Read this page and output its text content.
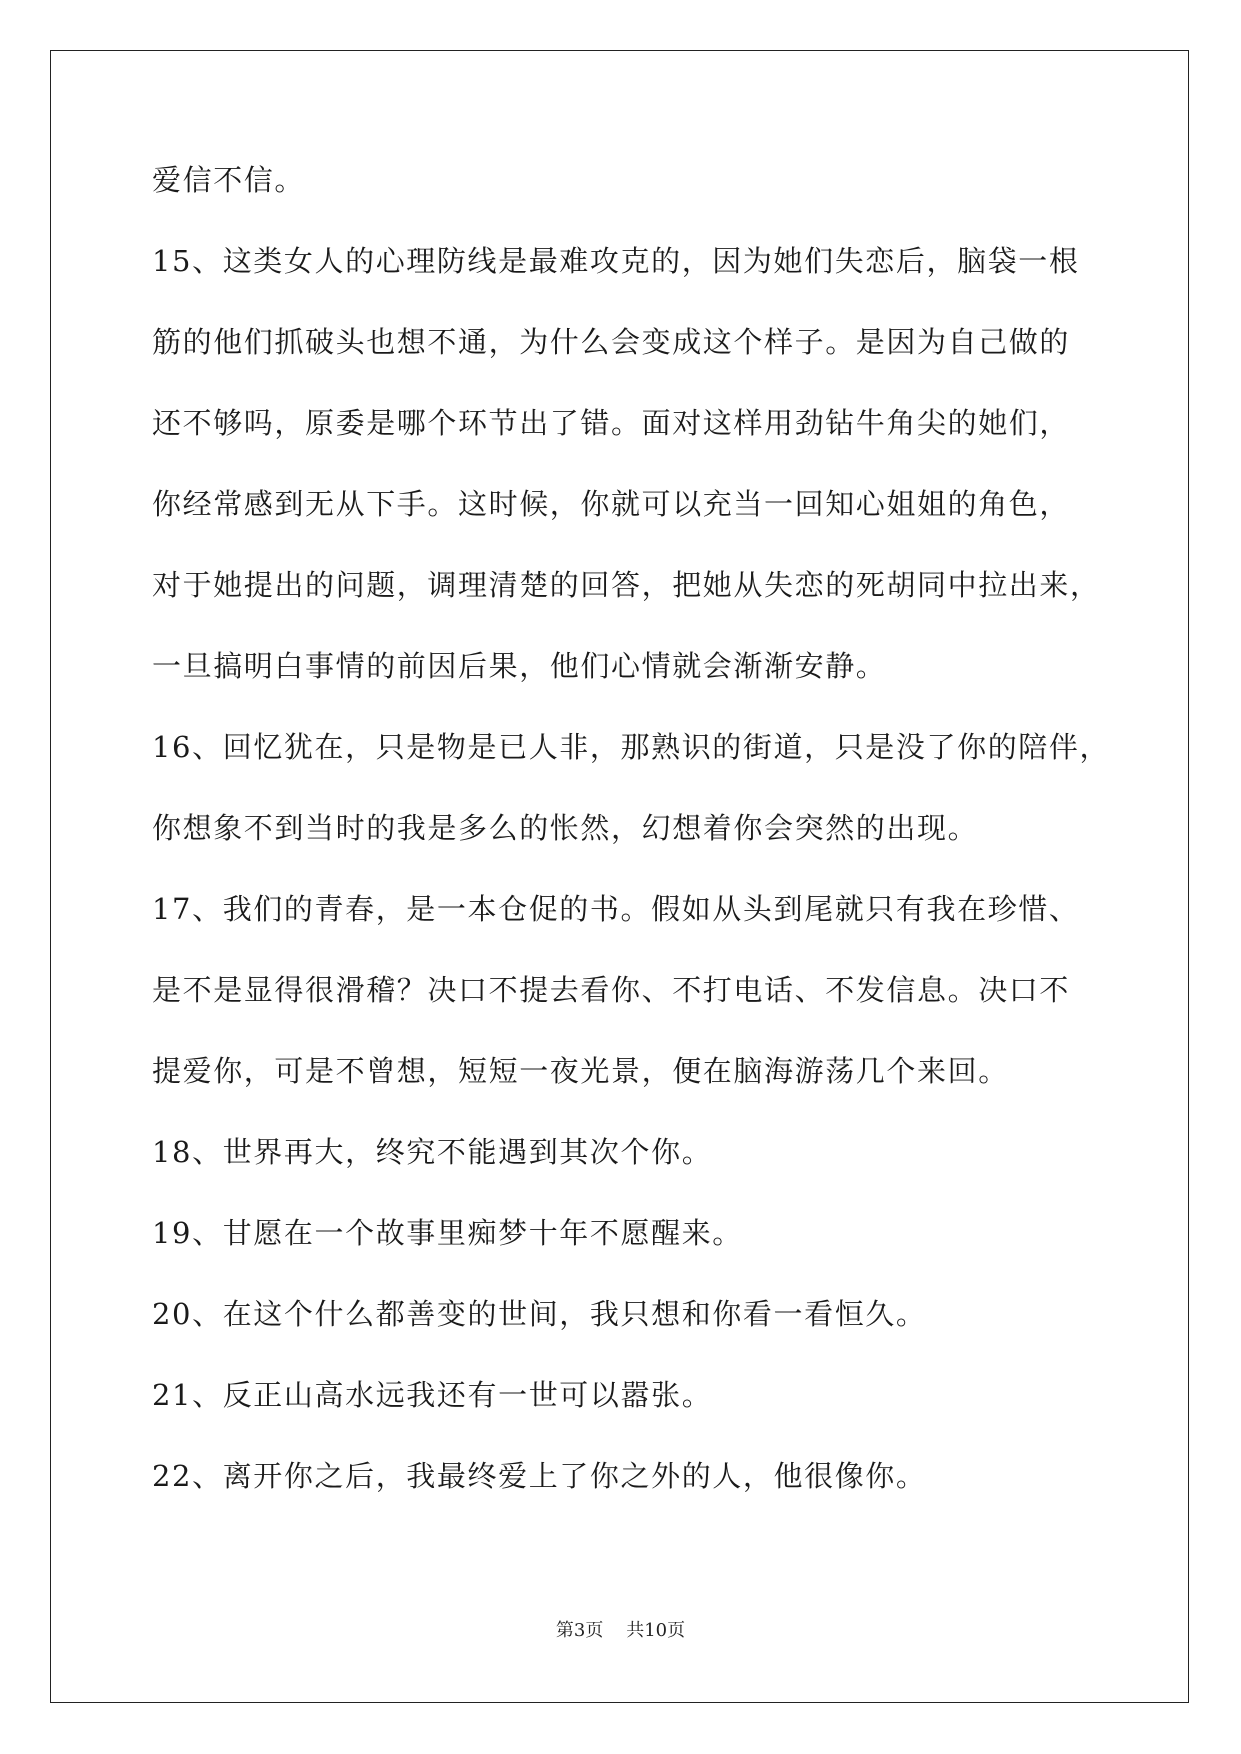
爱信不信。
15、这类女人的心理防线是最难攻克的，因为她们失恋后，脑袋一根
筋的他们抓破头也想不通，为什么会变成这个样子。是因为自己做的
还不够吗，原委是哪个环节出了错。面对这样用劲钻牛角尖的她们，
你经常感到无从下手。这时候，你就可以充当一回知心姐姐的角色，
对于她提出的问题，调理清楚的回答，把她从失恋的死胡同中拉出来，
一旦搞明白事情的前因后果，他们心情就会渐渐安静。
16、回忆犹在，只是物是已人非，那熟识的街道，只是没了你的陪伴，
你想象不到当时的我是多么的怅然，幻想着你会突然的出现。
17、我们的青春，是一本仓促的书。假如从头到尾就只有我在珍惜、
是不是显得很滑稽？决口不提去看你、不打电话、不发信息。决口不
提爱你，可是不曾想，短短一夜光景，便在脑海游荡几个来回。
18、世界再大，终究不能遇到其次个你。
19、甘愿在一个故事里痴梦十年不愿醒来。
20、在这个什么都善变的世间，我只想和你看一看恒久。
21、反正山高水远我还有一世可以嚣张。
22、离开你之后，我最终爱上了你之外的人，他很像你。
第3页 共10页
